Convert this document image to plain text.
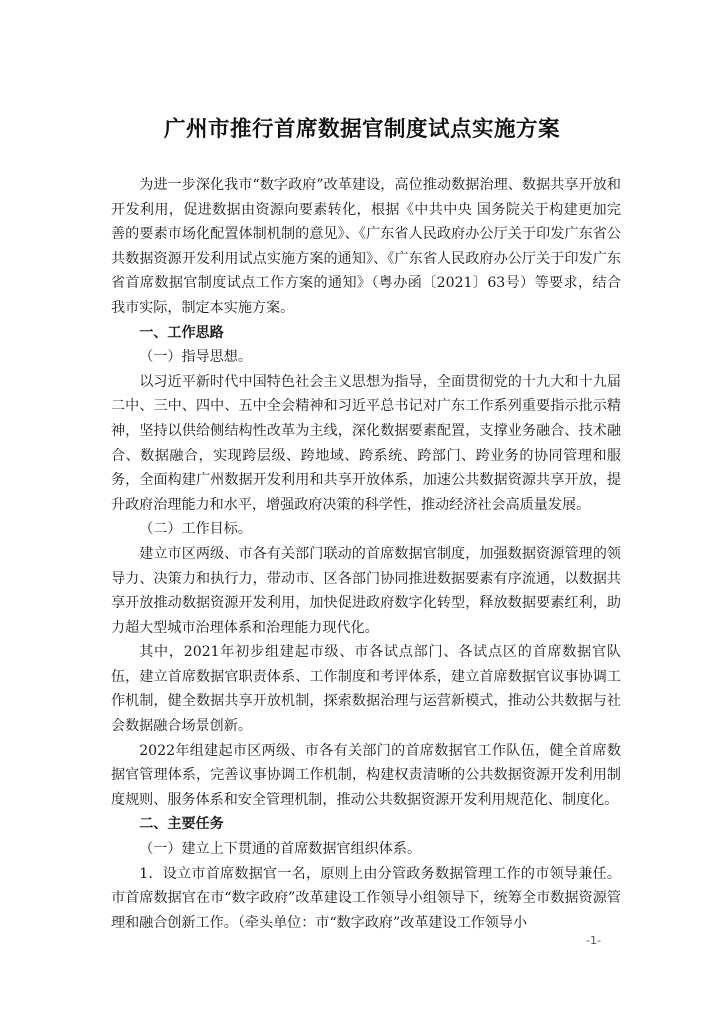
广州市推行首席数据官制度试点实施方案

为进一步深化我市“数字政府”改革建设，高位推动数据治理、数据共享开放和开发利用，促进数据由资源向要素转化，根据《中共中央 国务院关于构建更加完善的要素市场化配置体制机制的意见》、《广东省人民政府办公厅关于印发广东省公共数据资源开发利用试点实施方案的通知》、《广东省人民政府办公厅关于印发广东省首席数据官制度试点工作方案的通知》（粤办函〔2021〕63号）等要求，结合我市实际，制定本实施方案。

一、工作思路

（一）指导思想。

以习近平新时代中国特色社会主义思想为指导，全面贯彻党的十九大和十九届二中、三中、四中、五中全会精神和习近平总书记对广东工作系列重要指示批示精神，坚持以供给侧结构性改革为主线，深化数据要素配置，支撑业务融合、技术融合、数据融合，实现跨层级、跨地域、跨系统、跨部门、跨业务的协同管理和服务，全面构建广州数据开发利用和共享开放体系，加速公共数据资源共享开放，提升政府治理能力和水平，增强政府决策的科学性，推动经济社会高质量发展。

（二）工作目标。

建立市区两级、市各有关部门联动的首席数据官制度，加强数据资源管理的领导力、决策力和执行力，带动市、区各部门协同推进数据要素有序流通，以数据共享开放推动数据资源开发利用，加快促进政府数字化转型，释放数据要素红利，助力超大型城市治理体系和治理能力现代化。

其中，2021年初步组建起市级、市各试点部门、各试点区的首席数据官队伍，建立首席数据官职责体系、工作制度和考评体系，建立首席数据官议事协调工作机制，健全数据共享开放机制，探索数据治理与运营新模式，推动公共数据与社会数据融合场景创新。

2022年组建起市区两级、市各有关部门的首席数据官工作队伍，健全首席数据官管理体系，完善议事协调工作机制，构建权责清晰的公共数据资源开发利用制度规则、服务体系和安全管理机制，推动公共数据资源开发利用规范化、制度化。

二、主要任务

（一）建立上下贯通的首席数据官组织体系。

1．设立市首席数据官一名，原则上由分管政务数据管理工作的市领导兼任。市首席数据官在市“数字政府”改革建设工作领导小组领导下，统筹全市数据资源管理和融合创新工作。（牵头单位：市“数字政府”改革建设工作领导小

-1-
